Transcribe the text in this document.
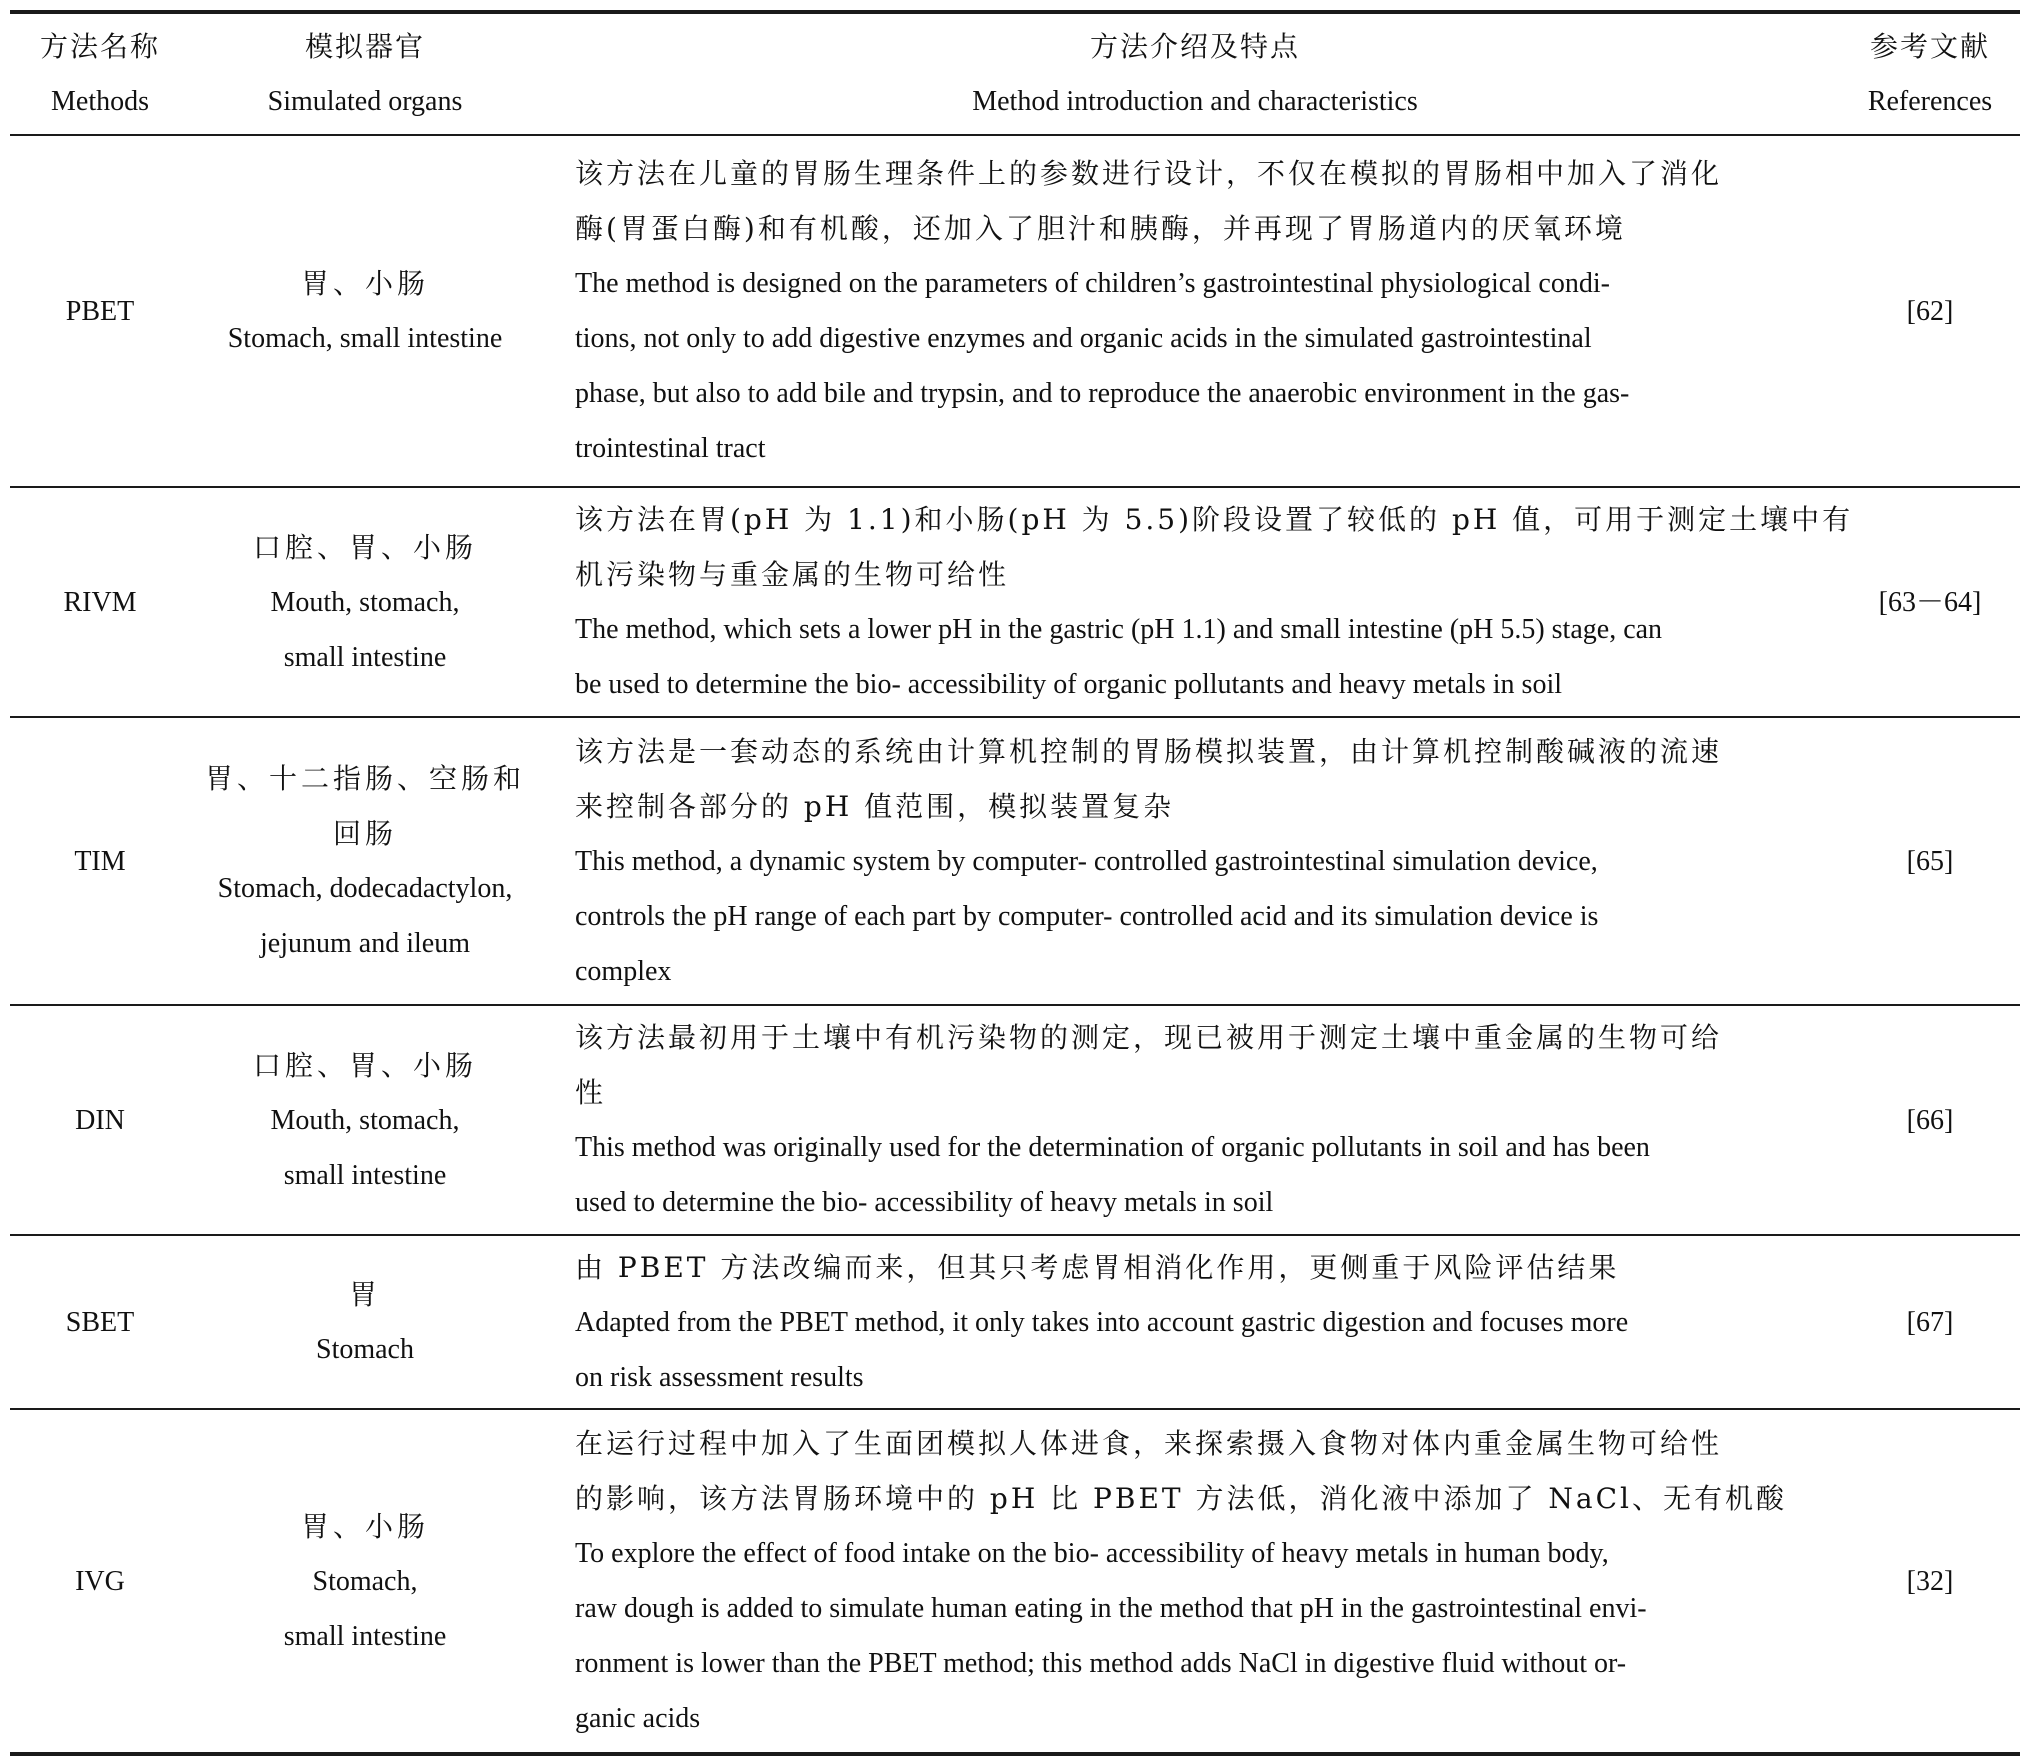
方法名称
Methods
模拟器官
Simulated organs
方法介绍及特点
Method introduction and characteristics
参考文献
References
PBET
胃、小肠
Stomach, small intestine
该方法在儿童的胃肠生理条件上的参数进行设计，不仅在模拟的胃肠相中加入了消化
酶(胃蛋白酶)和有机酸，还加入了胆汁和胰酶，并再现了胃肠道内的厌氧环境
The method is designed on the parameters of children’s gastrointestinal physiological condi-
tions, not only to add digestive enzymes and organic acids in the simulated gastrointestinal
phase, but also to add bile and trypsin, and to reproduce the anaerobic environment in the gas-
trointestinal tract
[62]
RIVM
口腔、胃、小肠
Mouth, stomach,
small intestine
该方法在胃(pH 为 1.1)和小肠(pH 为 5.5)阶段设置了较低的 pH 值，可用于测定土壤中有
机污染物与重金属的生物可给性
The method, which sets a lower pH in the gastric (pH 1.1) and small intestine (pH 5.5) stage, can
be used to determine the bio- accessibility of organic pollutants and heavy metals in soil
[63－64]
TIM
胃、十二指肠、空肠和回肠
Stomach, dodecadactylon,
jejunum and ileum
该方法是一套动态的系统由计算机控制的胃肠模拟装置，由计算机控制酸碱液的流速
来控制各部分的 pH 值范围，模拟装置复杂
This method, a dynamic system by computer- controlled gastrointestinal simulation device,
controls the pH range of each part by computer- controlled acid and its simulation device is
complex
[65]
DIN
口腔、胃、小肠
Mouth, stomach,
small intestine
该方法最初用于土壤中有机污染物的测定，现已被用于测定土壤中重金属的生物可给
性
This method was originally used for the determination of organic pollutants in soil and has been
used to determine the bio- accessibility of heavy metals in soil
[66]
SBET
胃
Stomach
由 PBET 方法改编而来，但其只考虑胃相消化作用，更侧重于风险评估结果
Adapted from the PBET method, it only takes into account gastric digestion and focuses more
on risk assessment results
[67]
IVG
胃、小肠
Stomach,
small intestine
在运行过程中加入了生面团模拟人体进食，来探索摄入食物对体内重金属生物可给性
的影响，该方法胃肠环境中的 pH 比 PBET 方法低，消化液中添加了 NaCl、无有机酸
To explore the effect of food intake on the bio- accessibility of heavy metals in human body,
raw dough is added to simulate human eating in the method that pH in the gastrointestinal envi-
ronment is lower than the PBET method; this method adds NaCl in digestive fluid without or-
ganic acids
[32]
